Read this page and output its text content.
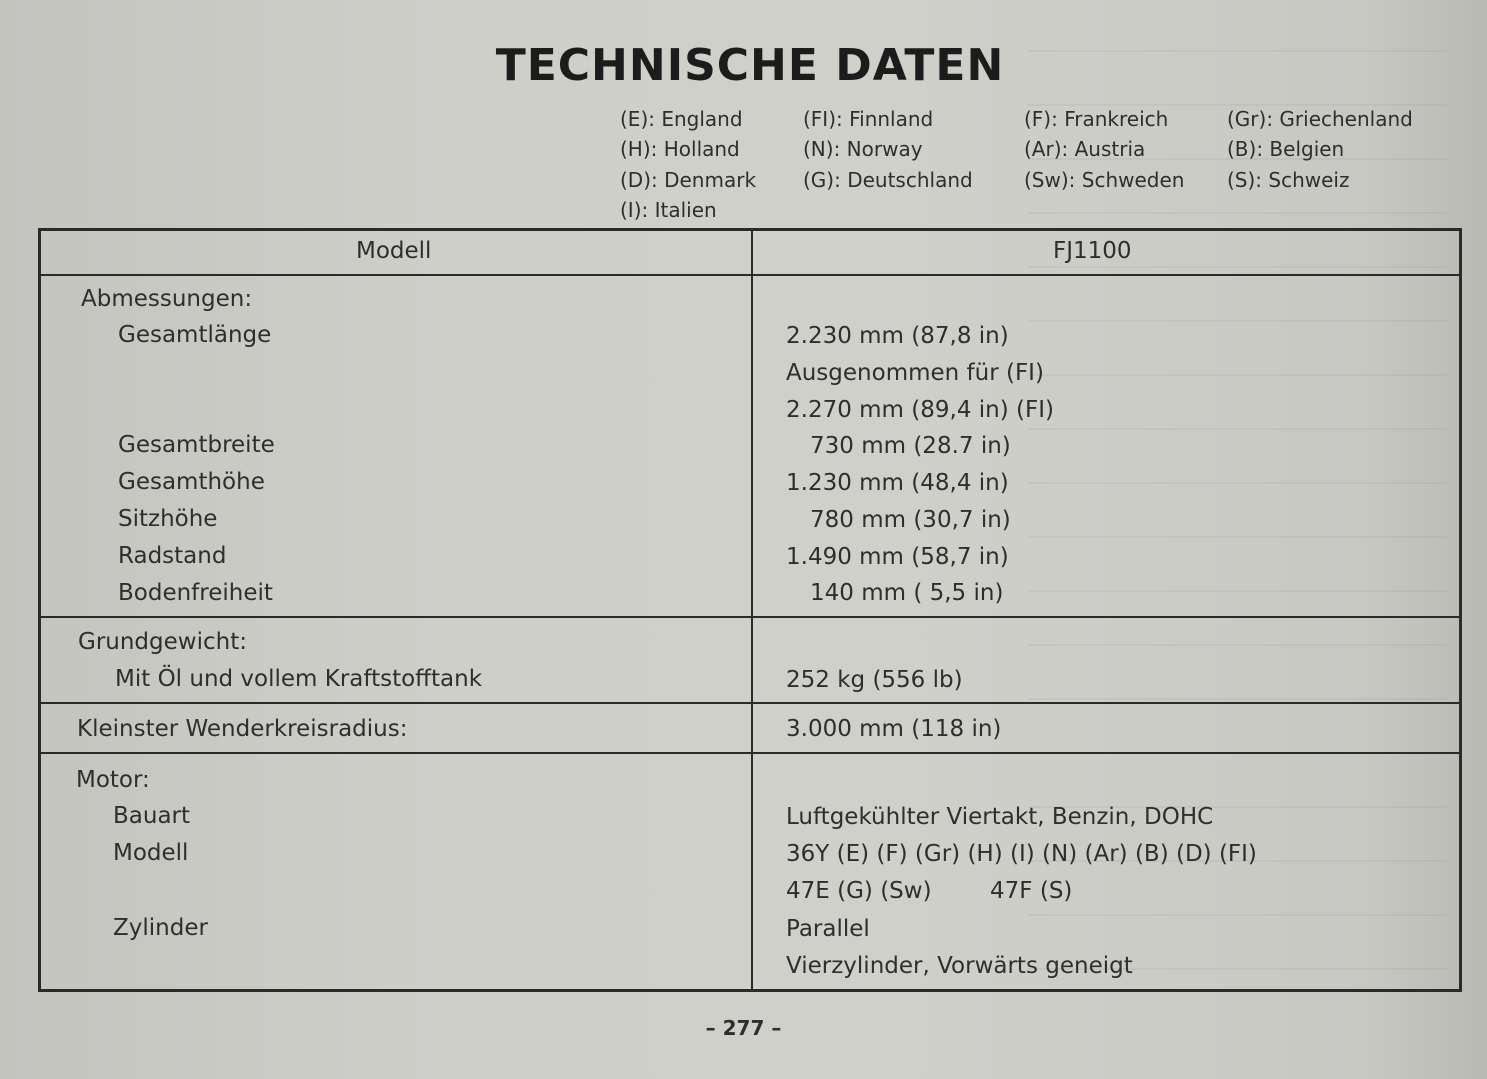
TECHNISCHE DATEN
(E): England	(FI): Finnland	(F): Frankreich	(Gr): Griechenland
(H): Holland	(N): Norway	(Ar): Austria	(B): Belgien
(D): Denmark (G): Deutschland	(Sw): Schweden (S): Schweiz
(I): Italien
Modell	FJ1100
Abmessungen:
Gesamtlänge	2.230 mm (87,8 in)
Ausgenommen für (FI)
2.270 mm (89,4 in) (FI)
Gesamtbreite	730 mm (28.7 in)
Gesamthöhe	1.230 mm (48,4 in)
Sitzhöhe	780 mm (30,7 in)
Radstand	1.490 mm (58,7 in)
Bodenfreiheit	140 mm ( 5,5 in)
Grundgewicht:
Mit Öl und vollem Kraftstofftank	252 kg (556 lb)
Kleinster Wenderkreisradius:	3.000 mm (118 in)
Motor:
Bauart	Luftgekühlter Viertakt, Benzin, DOHC
Modell	36Y (E) (F) (Gr) (H) (I) (N) (Ar) (B) (D) (FI)
47E (G) (Sw)        47F (S)
Zylinder	Parallel
Vierzylinder, Vorwärts geneigt
– 277 –
